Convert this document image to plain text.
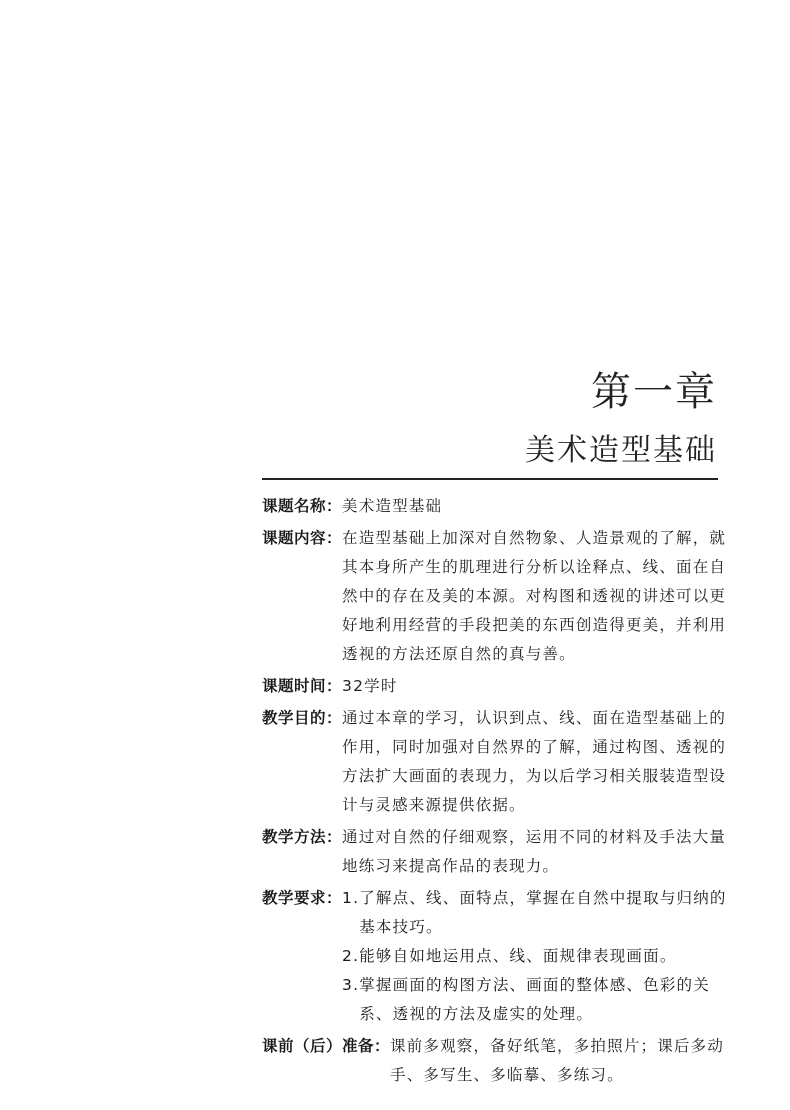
第一章
美术造型基础
课题名称： 美术造型基础
课题内容： 在造型基础上加深对自然物象、人造景观的了解，就其本身所产生的肌理进行分析以诠释点、线、面在自然中的存在及美的本源。对构图和透视的讲述可以更好地利用经营的手段把美的东西创造得更美，并利用透视的方法还原自然的真与善。
课题时间： 32学时
教学目的： 通过本章的学习，认识到点、线、面在造型基础上的作用，同时加强对自然界的了解，通过构图、透视的方法扩大画面的表现力，为以后学习相关服装造型设计与灵感来源提供依据。
教学方法： 通过对自然的仔细观察，运用不同的材料及手法大量地练习来提高作品的表现力。
教学要求： 1. 了解点、线、面特点，掌握在自然中提取与归纳的基本技巧。
2. 能够自如地运用点、线、面规律表现画面。
3. 掌握画面的构图方法、画面的整体感、色彩的关系、透视的方法及虚实的处理。
课前（后）准备： 课前多观察，备好纸笔，多拍照片；课后多动手、多写生、多临摹、多练习。
